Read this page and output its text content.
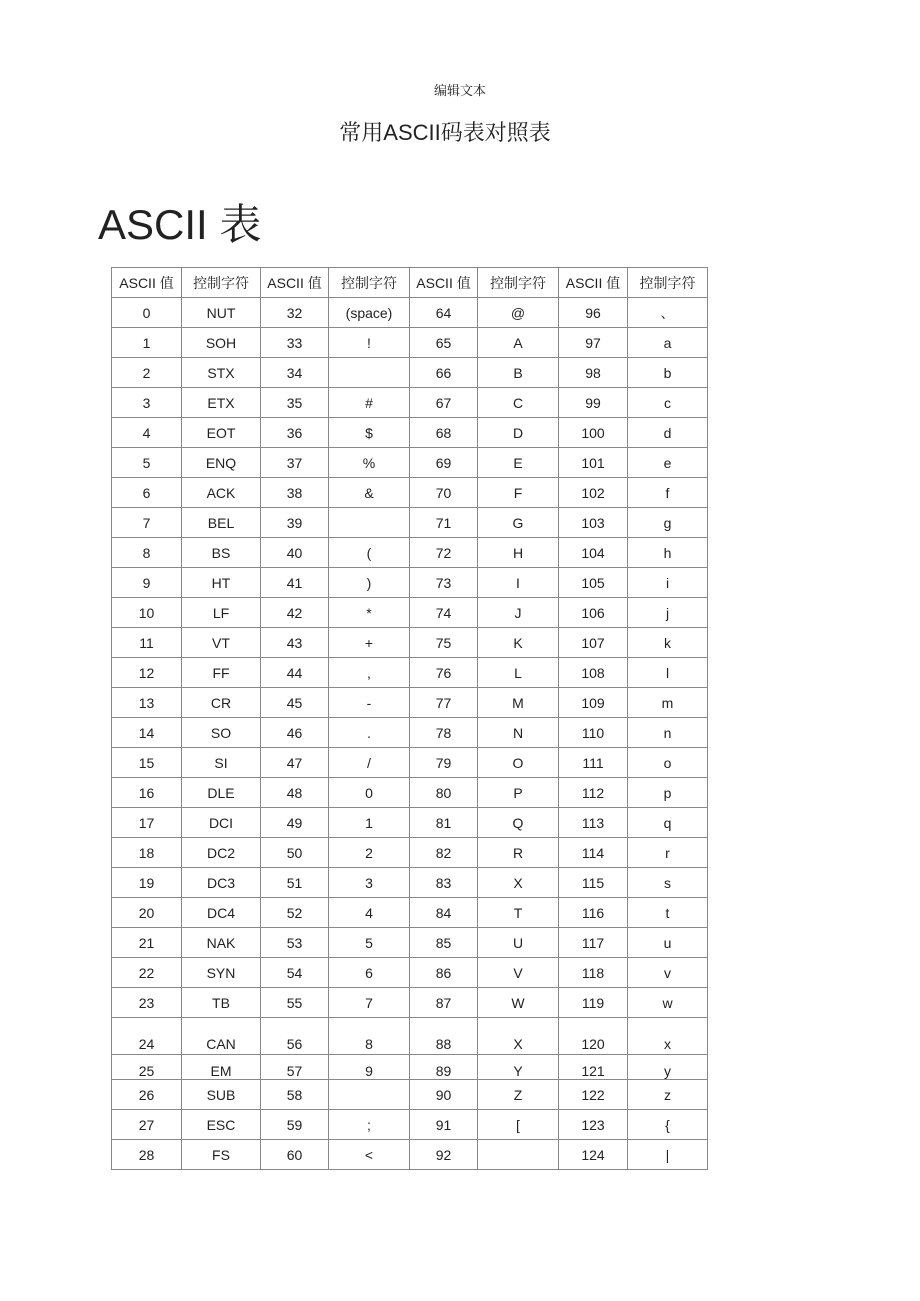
编辑文本
常用ASCII码表对照表
ASCII 表
ASCII 值	控制字符	ASCII 值	控制字符	ASCII 值	控制字符	ASCII 值	控制字符
0	NUT	32	(space)	64	@	96	、
1	SOH	33	!	65	A	97	a
2	STX	34		66	B	98	b
3	ETX	35	#	67	C	99	c
4	EOT	36	$	68	D	100	d
5	ENQ	37	%	69	E	101	e
6	ACK	38	&	70	F	102	f
7	BEL	39		71	G	103	g
8	BS	40	(	72	H	104	h
9	HT	41	)	73	I	105	i
10	LF	42	*	74	J	106	j
11	VT	43	+	75	K	107	k
12	FF	44	,	76	L	108	l
13	CR	45	-	77	M	109	m
14	SO	46	.	78	N	110	n
15	SI	47	/	79	O	111	o
16	DLE	48	0	80	P	112	p
17	DCI	49	1	81	Q	113	q
18	DC2	50	2	82	R	114	r
19	DC3	51	3	83	X	115	s
20	DC4	52	4	84	T	116	t
21	NAK	53	5	85	U	117	u
22	SYN	54	6	86	V	118	v
23	TB	55	7	87	W	119	w
24	CAN	56	8	88	X	120	x
25	EM	57	9	89	Y	121	y
26	SUB	58		90	Z	122	z
27	ESC	59	;	91	[	123	{
28	FS	60	<	92		124	|
